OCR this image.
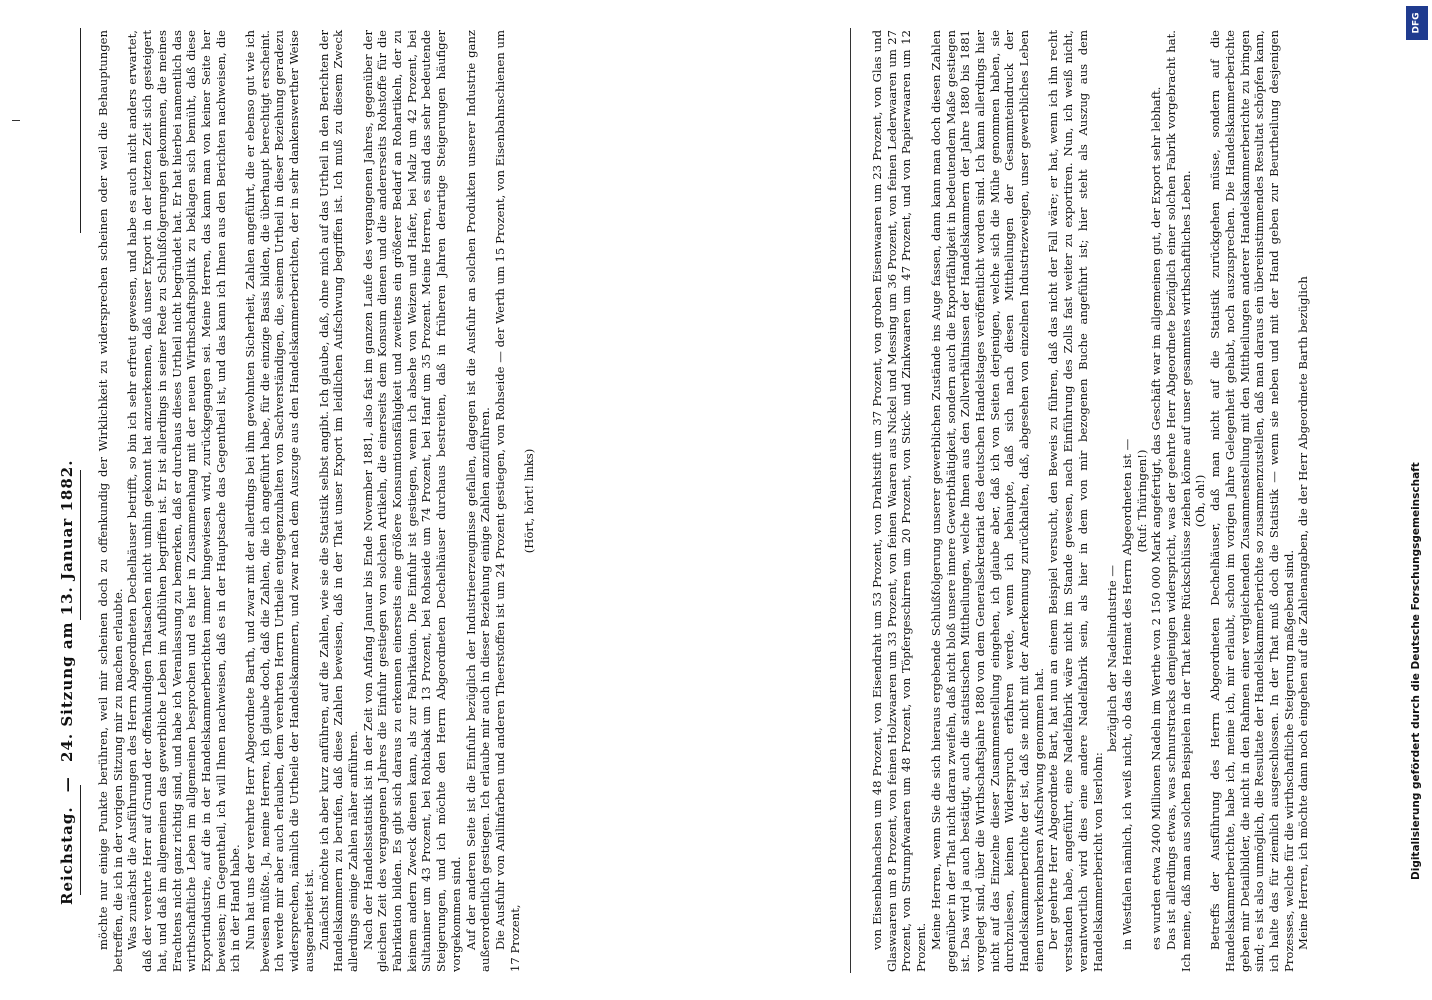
Reichstag. — 24. Sitzung am 13. Januar 1882. möchte nur einige Punkte berühren, weil mir scheinen doch zu offenkundig der Wirklichkeit zu widersprechen scheinen oder weil die Behauptungen betreffen, die ich in der vorigen Sitzung mir zu machen erlaubte. Was zunächst die Ausführungen des Herrn Abgeordneten Dechelhäuser betrifft, so bin ich sehr erfreut gewesen, und habe es auch nicht anders erwartet, daß der verehrte Herr auf Grund der offenkundigen Thatsachen nicht umhin gekonnt hat anzuerkennen, daß unser Export in der letzten Zeit sich gesteigert hat, und daß im allgemeinen das gewerbliche Leben im Aufblühen begriffen ist. Er ist allerdings in seiner Rede zu Schlußfolgerungen gekommen, die meines Erachtens nicht ganz richtig sind, und habe ich Veranlassung zu bemerken, daß er durchaus dieses Urtheil nicht begründet hat. Er hat hierbei namentlich das wirthschaftliche Leben im allgemeinen besprochen und es hier in Zusammenhang mit der neuen Wirthschaftspolitik zu beklagen sich bemüht, daß diese Exportindustrie, auf die in der Handelskammerberichten immer hingewiesen wird, zurückgegangen sei. Meine Herren, das kann man von keiner Seite her beweisen; im Gegentheil, ich will Ihnen nachweisen, daß es in der Hauptsache das Gegentheil ist, und das kann ich Ihnen aus den Berichten nachweisen, die ich in der Hand habe. Nun hat uns der verehrte Herr Abgeordnete Barth, und zwar mit der allerdings bei ihm gewohnten Sicherheit, Zahlen angeführt, die er ebenso gut wie ich beweisen müßte. Ja, meine Herren, ich glaube doch, daß die Zahlen, die ich angeführt habe, für die einzige Basis bilden, die überhaupt berechtigt erscheint. Ich werde mir aber auch erlauben, dem verehrten Herrn Urtheile entgegenzuhalten von Sachverständigen, die, seinem Urtheil in dieser Beziehung geradezu widersprechen, nämlich die Urtheile der Handelskammern, und zwar nach dem Auszuge aus den Handelskammerberichten, der in sehr dankenswerther Weise ausgearbeitet ist. Zunächst möchte ich aber kurz anführen, auf die Zahlen, wie sie die Statistik selbst angibt. Ich glaube, daß, ohne mich auf das Urtheil in den Berichten der Handelskammern zu berufen, daß diese Zahlen beweisen, daß in der That unser Export im leidlichen Aufschwung begriffen ist. Ich muß zu diesem Zweck allerdings einige Zahlen näher anführen. Nach der Handelsstatistik ist in der Zeit von Anfang Januar bis Ende November 1881, also fast im ganzen Laufe des vergangenen Jahres, gegenüber der gleichen Zeit des vergangenen Jahres die Einfuhr gestiegen von solchen Artikeln, die einerseits dem Konsum dienen und die andererseits Rohstoffe für die Fabrikation bilden. Es gibt sich daraus zu erkennen einerseits eine größere Konsumtionsfähigkeit und zweitens ein größerer Bedarf an Rohartikeln, der zu keinem andern Zweck dienen kann, als zur Fabrikation. Die Einfuhr ist gestiegen, wenn ich absehe von Weizen und Hafer, bei Malz um 42 Prozent, bei Sultaniner um 43 Prozent, bei Rohtabak um 13 Prozent, bei Rohseide um 74 Prozent, bei Hanf um 35 Prozent. Meine Herren, es sind das sehr bedeutende Steigerungen, und ich möchte den Herrn Abgeordneten Dechelhäuser durchaus bestreiten, daß in früheren Jahren derartige Steigerungen häufiger vorgekommen sind. Auf der anderen Seite ist die Einfuhr bezüglich der Industrieerzeugnisse gefallen, dagegen ist die Ausfuhr an solchen Produkten unserer Industrie ganz außerordentlich gestiegen. Ich erlaube mir auch in dieser Beziehung einige Zahlen anzuführen. Die Ausfuhr von Anilinfarben und anderen Theerstoffen ist um 24 Prozent gestiegen, von Rohseide — der Werth um 15 Prozent, von Eisenbahnschienen um 17 Prozent,

(Hört, hört! links)	von Eisenbahnachsen um 48 Prozent, von Eisendraht um 53 Prozent, von Drahtstift um 37 Prozent, von groben Eisenwaaren um 23 Prozent, von Glas und Glaswaaren um 8 Prozent, von feinen Holzwaaren um 33 Prozent, von feinen Waaren aus Nickel und Messing um 36 Prozent, von feinen Lederwaaren um 27 Prozent, von Strumpfwaaren um 48 Prozent, von Töpfergeschirren um 20 Prozent, von Stick- und Zinkwaaren um 47 Prozent, und von Papierwaaren um 12 Prozent. Meine Herren, wenn Sie die sich hieraus ergebende Schlußfolgerung unserer gewerblichen Zustände ins Auge fassen, dann kann man doch diesen Zahlen gegenüber in der That nicht daran zweifeln, daß nicht bloß unsere innere Gewerbthätigkeit, sondern auch die Exportfähigkeit in bedeutendem Maße gestiegen ist. Das wird ja auch bestätigt, auch die statistischen Mittheilungen, welche Ihnen aus den Zollverhältnissen der Handelskammern der Jahre 1880 bis 1881 vorgelegt sind, über die Wirthschaftsjahre 1880 von dem Generalsekretariat des deutschen Handelstages veröffentlicht worden sind. Ich kann allerdings hier nicht auf das Einzelne dieser Zusammenstellung eingehen, ich glaube aber, daß ich von Seiten derjenigen, welche sich die Mühe genommen haben, sie durchzulesen, keinen Widerspruch erfahren werde, wenn ich behaupte, daß sich nach diesen Mittheilungen der Gesammteindruck der Handelskammerberichte der ist, daß sie nicht mit der Anerkennung zurückhalten, daß, abgesehen von einzelnen Industriezweigen, unser gewerbliches Leben einen unverkennbaren Aufschwung genommen hat. Der geehrte Herr Abgeordnete Bart, hat nun an einem Beispiel versucht, den Beweis zu führen, daß das nicht der Fall wäre; er hat, wenn ich ihn recht verstanden habe, angeführt, eine Nadelfabrik wäre nicht im Stande gewesen, nach Einführung des Zolls fast weiter zu exportiren. Nun, ich weiß nicht, verantwortlich wird dies eine andere Nadelfabrik sein, als hier in dem von mir bezogenen Buche angeführt ist; hier steht als Auszug aus dem Handelskammerbericht von Iserlohn:

bezüglich der Nadelindustrie — in Westfalen nämlich, ich weiß nicht, ob das die Heimat des Herrn Abgeordneten ist — (Ruf: Thüringen!) es wurden etwa 2400 Millionen Nadeln im Werthe von 2 150 000 Mark angefertigt, das Geschäft war im allgemeinen gut, der Export sehr lebhaft. Das ist allerdings etwas, was schnurstracks demjenigen widerspricht, was der geehrte Herr Abgeordnete bezüglich einer solchen Fabrik vorgebracht hat. Ich meine, daß man aus solchen Beispielen in der That keine Rückschlüsse ziehen könne auf unser gesammtes wirthschaftliches Leben. (Oh, oh!) Betreffs der Ausführung des Herrn Abgeordneten Dechelhäuser, daß man nicht auf die Statistik zurückgehen müsse, sondern auf die Handelskammerberichte, habe ich, meine ich, mir erlaubt, schon im vorigen Jahre Gelegenheit gehabt, noch auszusprechen. Die Handelskammerberichte geben mir Detailbilder, die nicht in den Rahmen einer vergleichenden Zusammenstellung mit den Mittheilungen anderer Handelskammerberichte zu bringen sind; es ist also unmöglich, die Resultate der Handelskammerberichte so zusammenzustellen, daß man daraus ein übereinstimmendes Resultat schöpfen kann, ich halte das für ziemlich ausgeschlossen. In der That muß doch die Statistik — wenn sie neben und mit der Hand geben zur Beurtheilung desjenigen Prozesses, welche für die wirthschaftliche Steigerung maßgebend sind. Meine Herren, ich möchte dann noch eingehen auf die Zahlenangaben, die der Herr Abgeordnete Barth bezüglich	Digitalisierung gefördert durch die Deutsche Forschungsgemeinschaft
DFG
